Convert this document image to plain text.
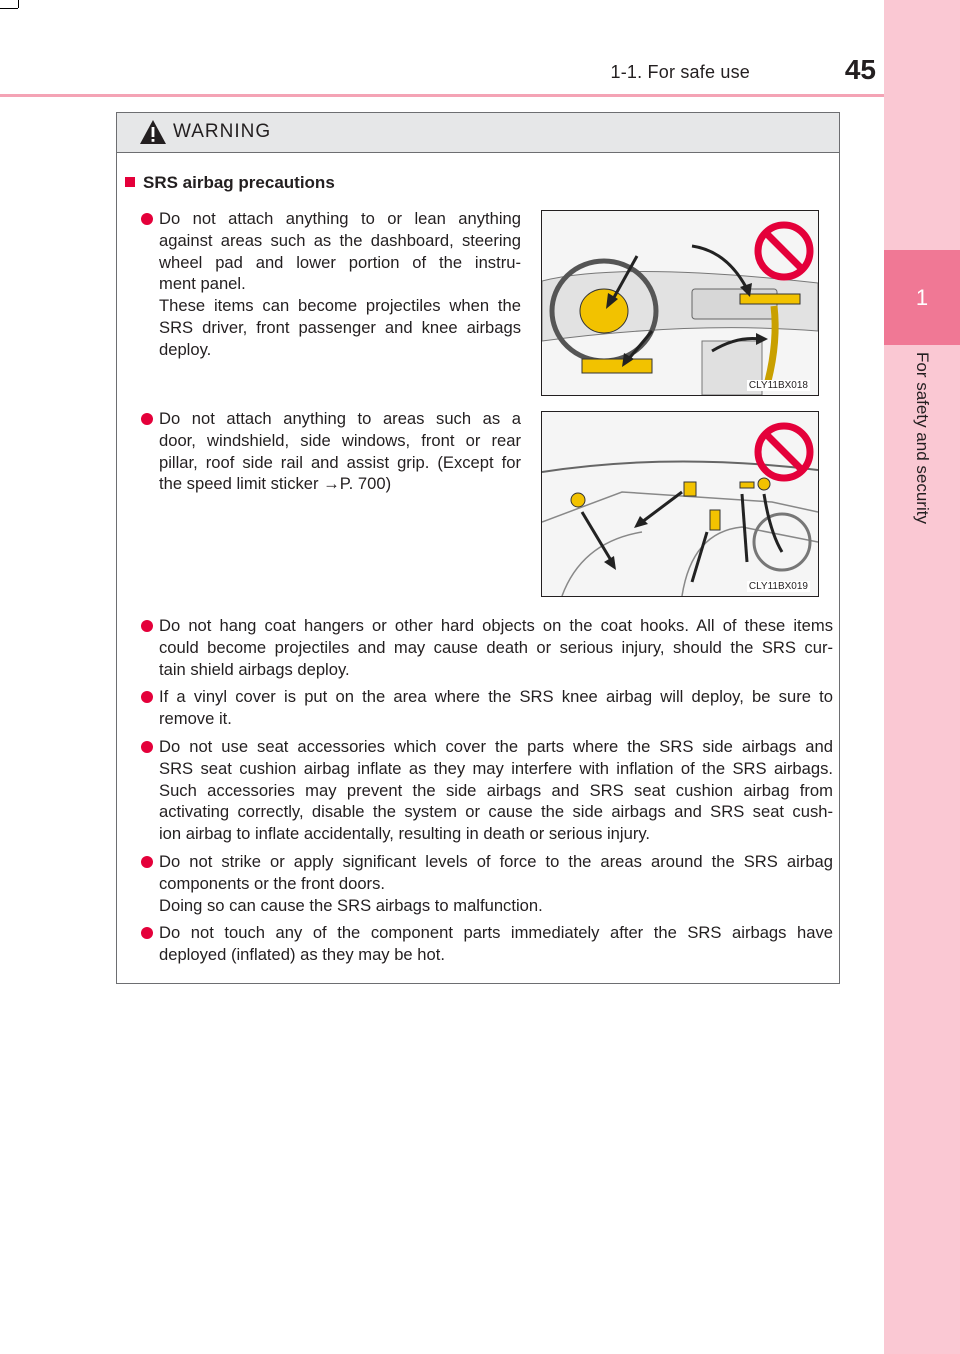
1-1. For safe use	45
1
For safety and security
WARNING
SRS airbag precautions
Do not attach anything to or lean anything
against areas such as the dashboard, steering
wheel pad and lower portion of the instru-
ment panel.
These items can become projectiles when the
SRS driver, front passenger and knee airbags
deploy.
CLY11BX018
Do not attach anything to areas such as a
door, windshield, side windows, front or rear
pillar, roof side rail and assist grip. (Except for
the speed limit sticker →P. 700)
CLY11BX019
Do not hang coat hangers or other hard objects on the coat hooks. All of these items
could become projectiles and may cause death or serious injury, should the SRS cur-
tain shield airbags deploy.
If a vinyl cover is put on the area where the SRS knee airbag will deploy, be sure to
remove it.
Do not use seat accessories which cover the parts where the SRS side airbags and
SRS seat cushion airbag inflate as they may interfere with inflation of the SRS airbags.
Such accessories may prevent the side airbags and SRS seat cushion airbag from
activating correctly, disable the system or cause the side airbags and SRS seat cush-
ion airbag to inflate accidentally, resulting in death or serious injury.
Do not strike or apply significant levels of force to the areas around the SRS airbag
components or the front doors.
Doing so can cause the SRS airbags to malfunction.
Do not touch any of the component parts immediately after the SRS airbags have
deployed (inflated) as they may be hot.
